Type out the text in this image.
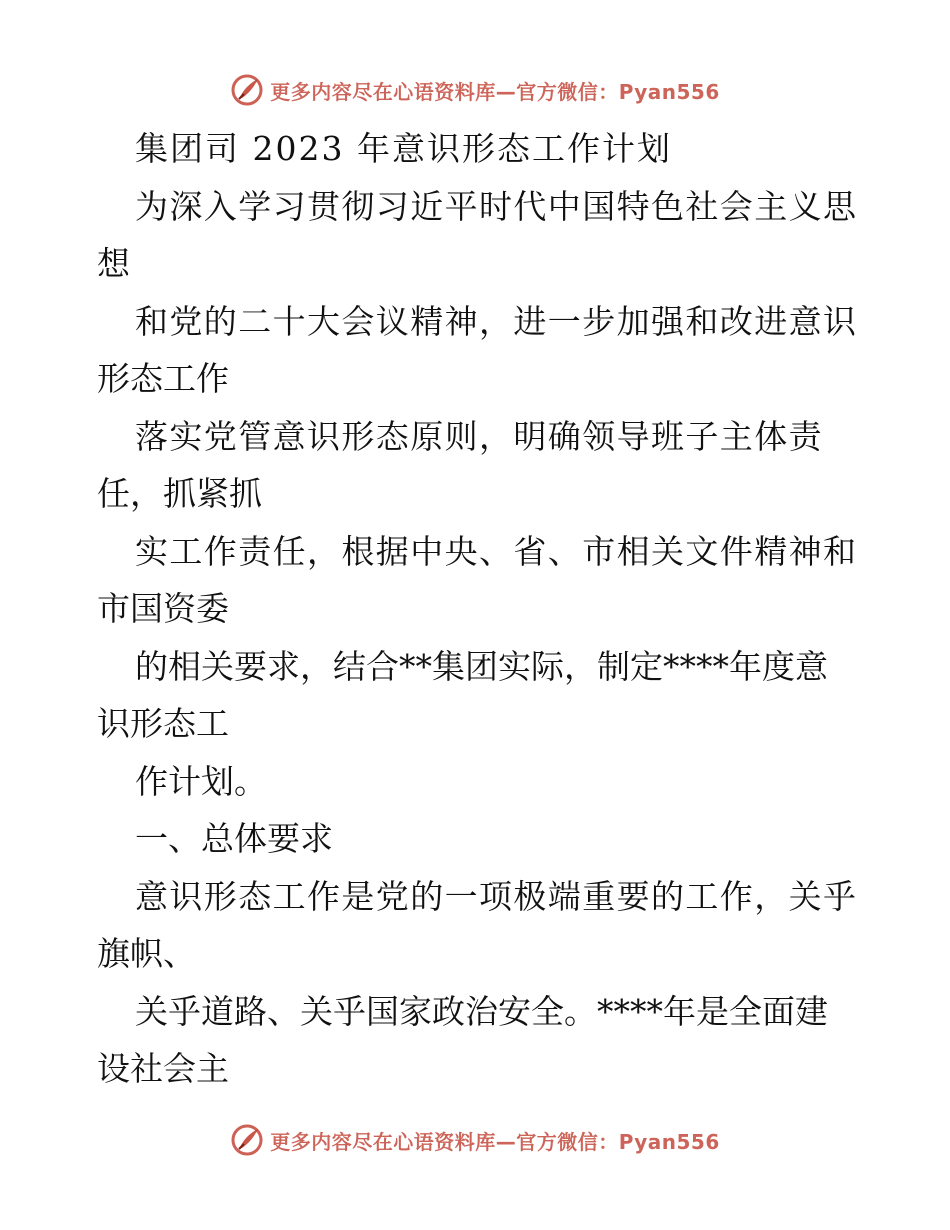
更多内容尽在心语资料库—官方微信：Pyan556
集团司 2023 年意识形态工作计划
为深入学习贯彻习近平时代中国特色社会主义思
想
和党的二十大会议精神，进一步加强和改进意识
形态工作
落实党管意识形态原则，明确领导班子主体责
任，抓紧抓
实工作责任，根据中央、省、市相关文件精神和
市国资委
的相关要求，结合**集团实际，制定****年度意
识形态工
作计划。
一、总体要求
意识形态工作是党的一项极端重要的工作，关乎
旗帜、
关乎道路、关乎国家政治安全。****年是全面建
设社会主
更多内容尽在心语资料库—官方微信：Pyan556
